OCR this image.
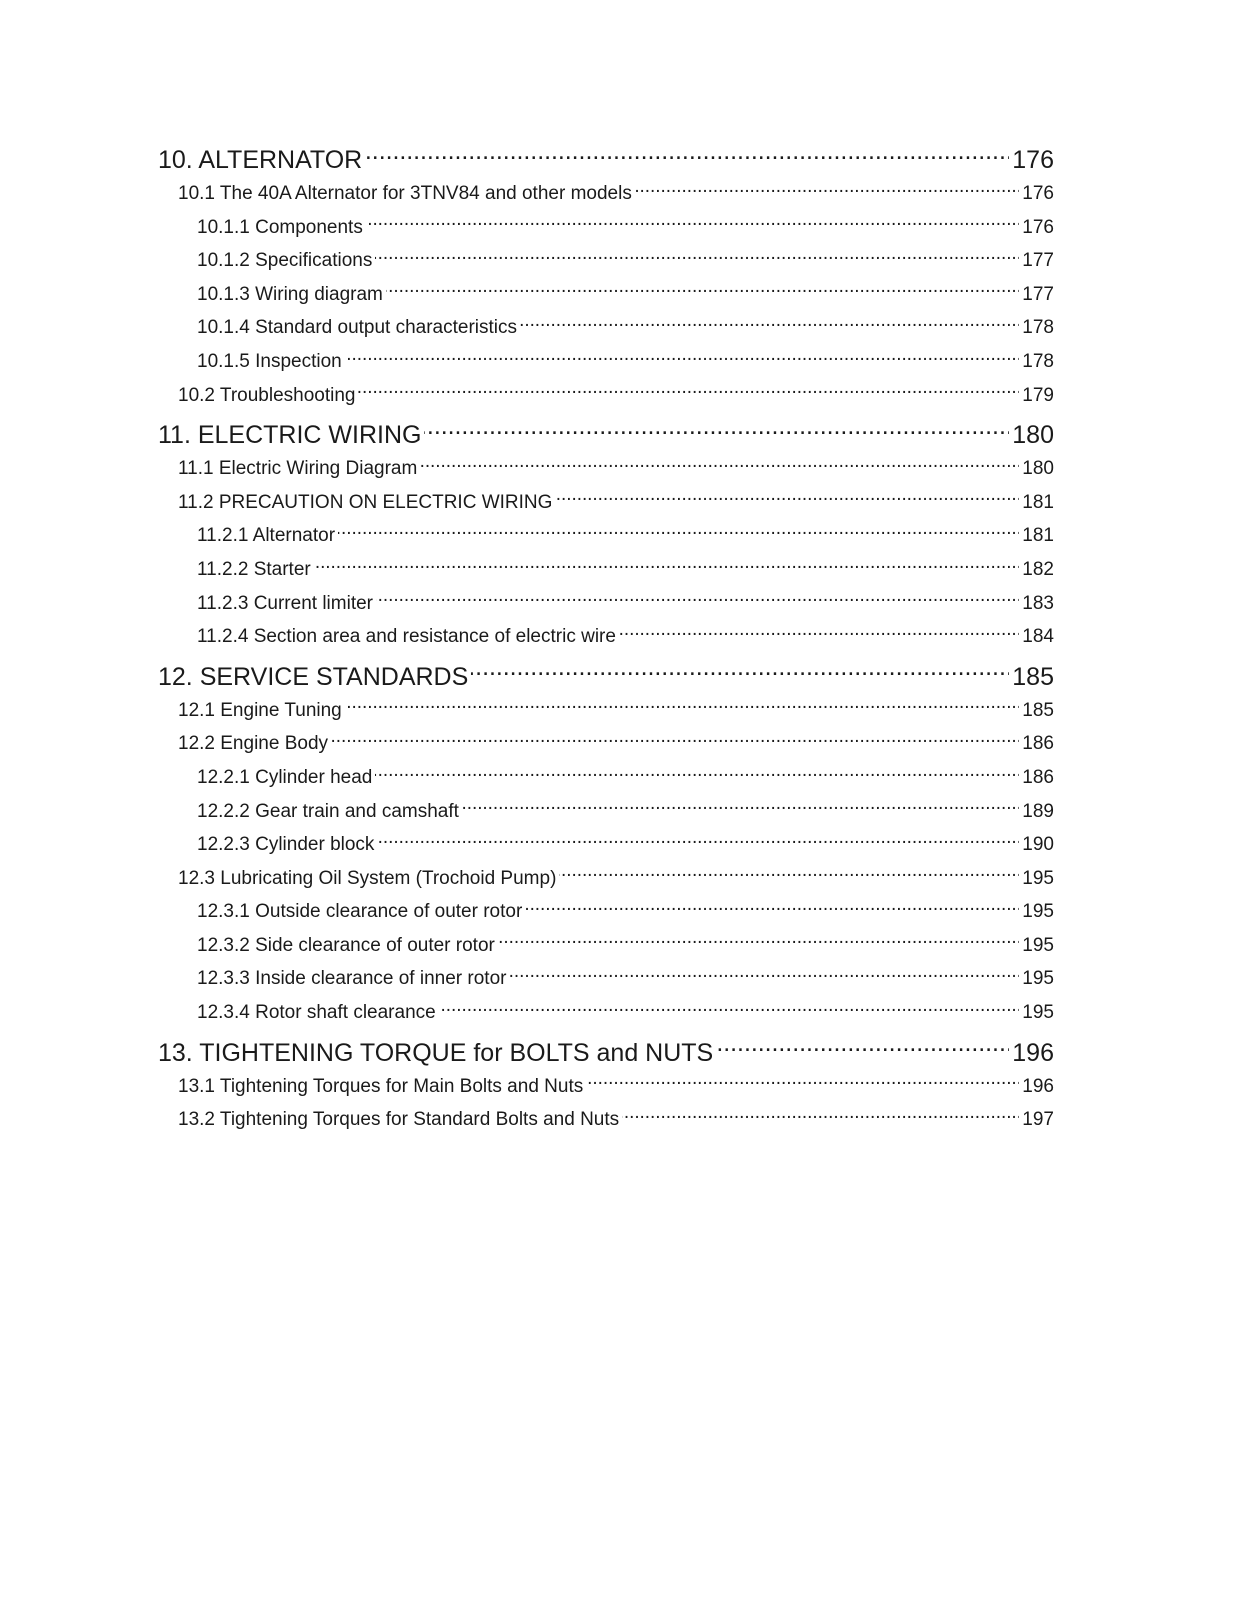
10. ALTERNATOR . . .	176
10.1 The 40A Alternator for 3TNV84 and other models . . .	176
10.1.1 Components . . .	176
10.1.2 Specifications . . .	177
10.1.3 Wiring diagram . . .	177
10.1.4 Standard output characteristics . . .	178
10.1.5 Inspection . . .	178
10.2 Troubleshooting . . .	179
11. ELECTRIC WIRING . . .	180
11.1 Electric Wiring Diagram . . .	180
11.2 PRECAUTION ON ELECTRIC WIRING . . .	181
11.2.1 Alternator . . .	181
11.2.2 Starter . . .	182
11.2.3 Current limiter . . .	183
11.2.4 Section area and resistance of electric wire . . .	184
12. SERVICE STANDARDS . . .	185
12.1 Engine Tuning . . .	185
12.2 Engine Body . . .	186
12.2.1 Cylinder head . . .	186
12.2.2 Gear train and camshaft . . .	189
12.2.3 Cylinder block . . .	190
12.3 Lubricating Oil System (Trochoid Pump) . . .	195
12.3.1 Outside clearance of outer rotor . . .	195
12.3.2 Side clearance of outer rotor . . .	195
12.3.3 Inside clearance of inner rotor . . .	195
12.3.4 Rotor shaft clearance . . .	195
13. TIGHTENING TORQUE for BOLTS and NUTS . . .	196
13.1 Tightening Torques for Main Bolts and Nuts . . .	196
13.2 Tightening Torques for Standard Bolts and Nuts . . .	197
